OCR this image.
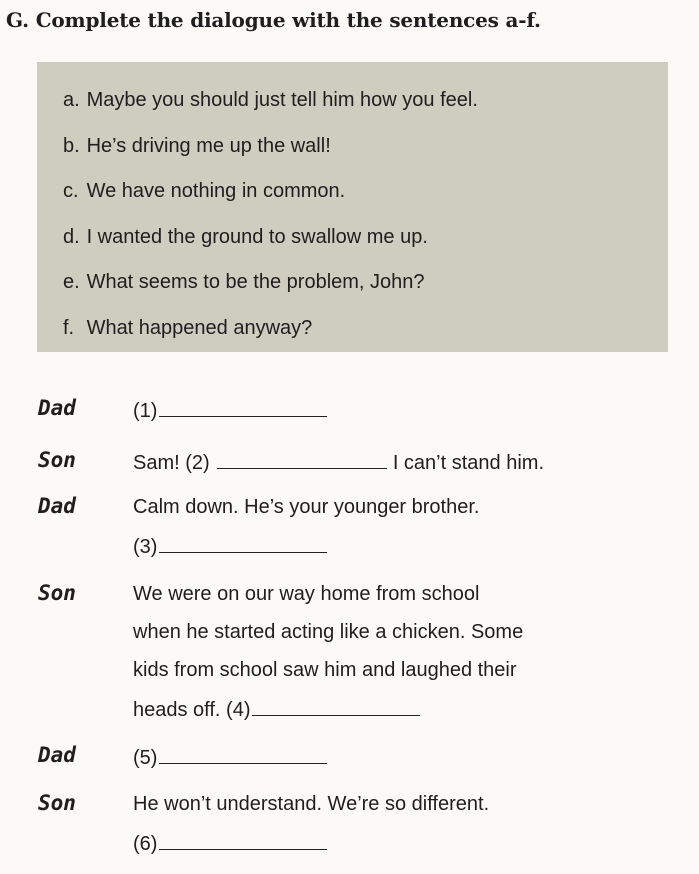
G. Complete the dialogue with the sentences a-f.
a. Maybe you should just tell him how you feel.
b. He’s driving me up the wall!
c. We have nothing in common.
d. I wanted the ground to swallow me up.
e. What seems to be the problem, John?
f. What happened anyway?
Dad	(1)
Son	Sam! (2)	I can’t stand him.
Dad	Calm down. He’s your younger brother.
(3)
Son	We were on our way home from school
when he started acting like a chicken. Some
kids from school saw him and laughed their
heads off. (4)
Dad	(5)
Son	He won’t understand. We’re so different.
(6)
